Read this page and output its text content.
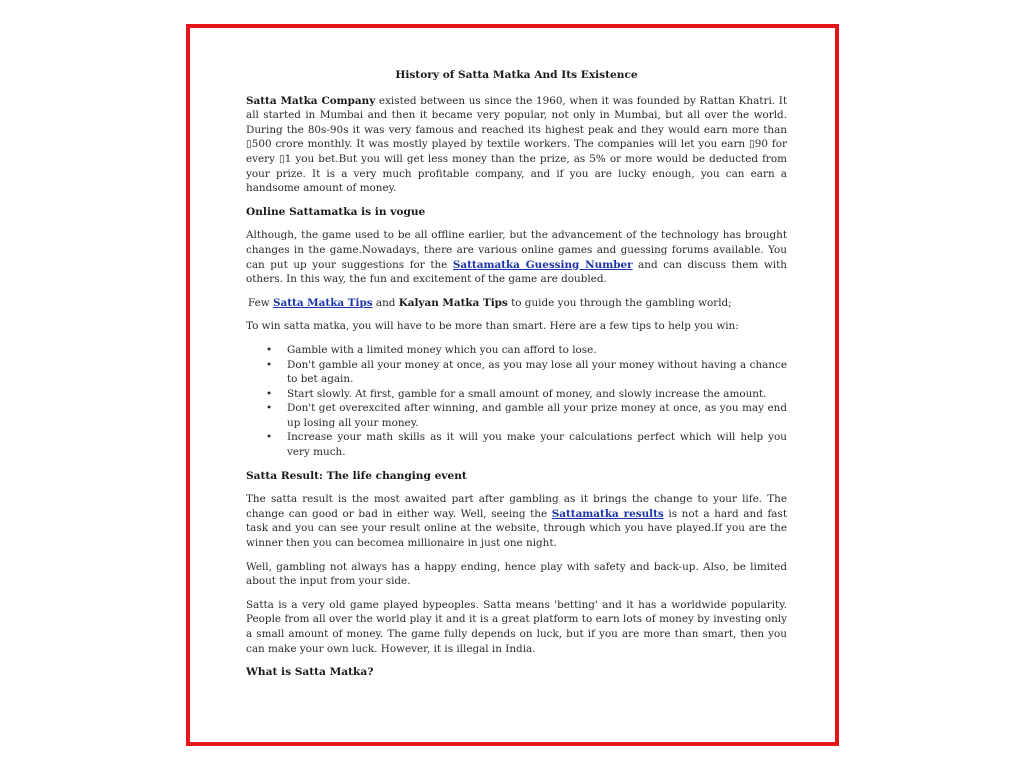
History of Satta Matka And Its Existence

Satta Matka Company existed between us since the 1960, when it was founded by Rattan Khatri. It all started in Mumbai and then it became very popular, not only in Mumbai, but all over the world. During the 80s-90s it was very famous and reached its highest peak and they would earn more than ▯500 crore monthly. It was mostly played by textile workers. The companies will let you earn ▯90 for every ▯1 you bet.But you will get less money than the prize, as 5% or more would be deducted from your prize. It is a very much profitable company, and if you are lucky enough, you can earn a handsome amount of money.

Online Sattamatka is in vogue

Although, the game used to be all offline earlier, but the advancement of the technology has brought changes in the game.Nowadays, there are various online games and guessing forums available. You can put up your suggestions for the Sattamatka Guessing Number and can discuss them with others. In this way, the fun and excitement of the game are doubled.

Few Satta Matka Tips and Kalyan Matka Tips to guide you through the gambling world;

To win satta matka, you will have to be more than smart. Here are a few tips to help you win:

• Gamble with a limited money which you can afford to lose.
• Don't gamble all your money at once, as you may lose all your money without having a chance to bet again.
• Start slowly. At first, gamble for a small amount of money, and slowly increase the amount.
• Don't get overexcited after winning, and gamble all your prize money at once, as you may end up losing all your money.
• Increase your math skills as it will you make your calculations perfect which will help you very much.
Satta Result: The life changing event

The satta result is the most awaited part after gambling as it brings the change to your life. The change can good or bad in either way. Well, seeing the Sattamatka results is not a hard and fast task and you can see your result online at the website, through which you have played.If you are the winner then you can becomea millionaire in just one night.

Well, gambling not always has a happy ending, hence play with safety and back-up. Also, be limited about the input from your side.

Satta is a very old game played bypeoples. Satta means 'betting' and it has a worldwide popularity. People from all over the world play it and it is a great platform to earn lots of money by investing only a small amount of money. The game fully depends on luck, but if you are more than smart, then you can make your own luck. However, it is illegal in India.

What is Satta Matka?
